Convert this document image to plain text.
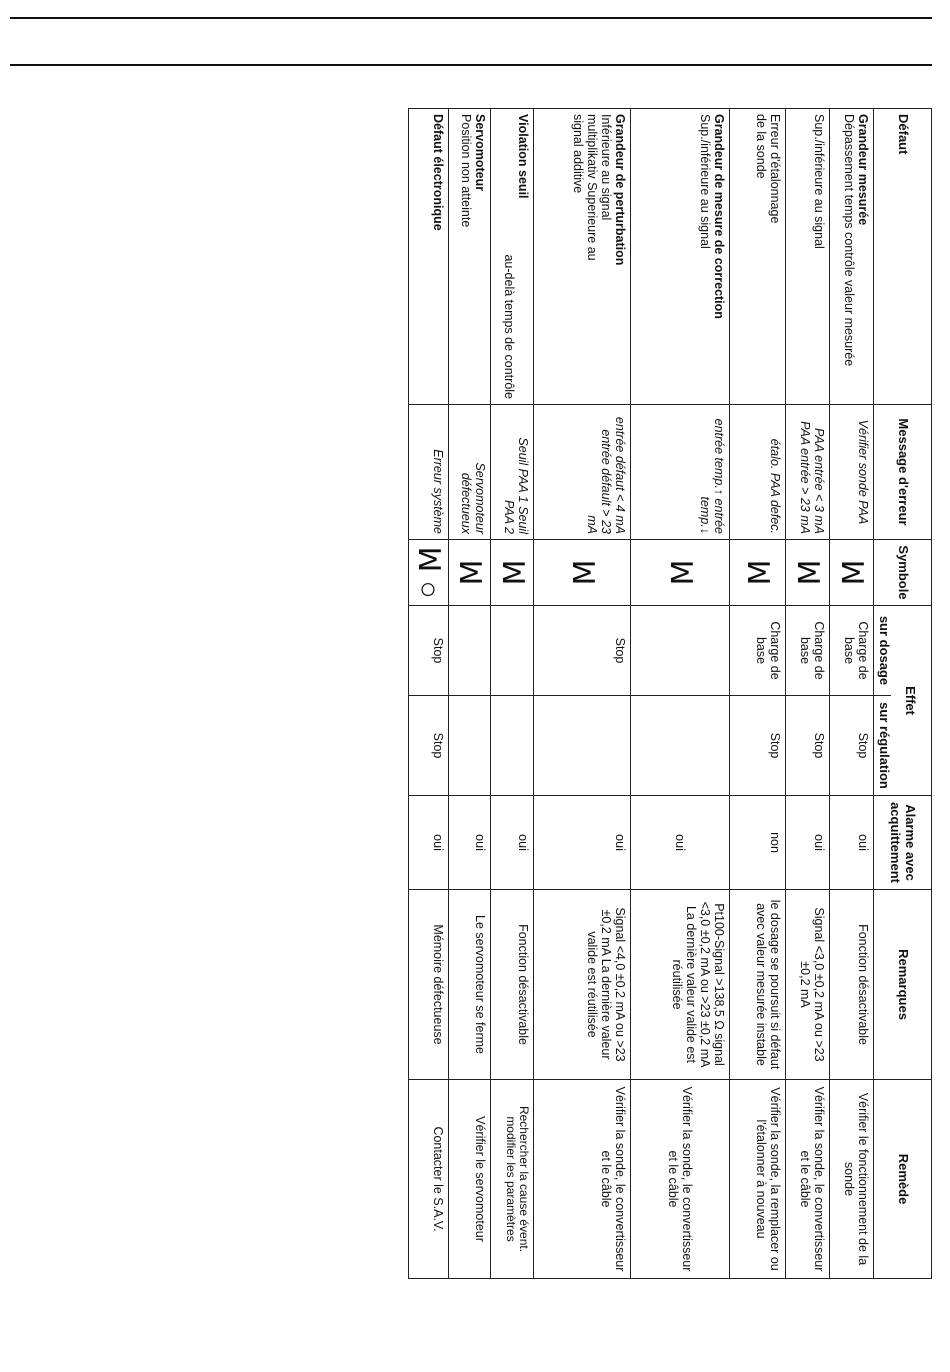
Défaut	Message d'erreur	Symbole	Effet		Alarme avec acquittement	Remarques	Remède
			sur dosage	sur régulation			

Grandeur mesurée
Dépassement temps contrôle valeur mesurée	Vérifier sonde PAA	ꟽ	Charge de base	Stop	oui	Fonction désactivable	Vérifier le fonctionnement de la sonde

Sup./inférieure au signal	PAA entrée < 3 mA PAA entrée > 23 mA	ꟽ	Charge de base	Stop	oui	Signal <3,0 ±0,2 mA ou >23 ±0,2 mA	Vérifier la sonde, le convertisseur et le câble

Erreur d'étalonnage de la sonde	étalo. PAA defec.	ꟽ	Charge de base	Stop	non	le dosage se poursuit si défaut avec valeur mesurée instable	Vérifier la sonde, la remplacer ou l'étalonner à nouveau

Grandeur de mesure de correction
Sup./inférieure au signal	entrée temp.↑ entrée temp.↓	ꟽ			oui	Pt100-Signal >138,5 Ω signal <3,0 ±0,2 mA ou >23 ±0,2 mA La dernière valeur valide est réutilisée	Vérifier la sonde, le convertisseur et le câble

Grandeur de perturbation
Inférieure au signal multiplikativ Superieure au signal additive	entrée défaut < 4 mA entrée défault > 23 mA	ꟽ	Stop		oui	Signal <4,0 ±0,2 mA ou >23 ±0,2 mA La dernière valeur valide est réutilisée	Vérifier la sonde, le convertisseur et le câble

Violation seuil
au-delà temps de contrôle	Seuil PAA 1 Seuil PAA 2	ꟽ			oui	Fonction désactivable	Rechercher la cause évent. modifier les paramètres

Servomoteur
Position non atteinte	Servomoteur défectueux	ꟽ			oui	Le servomoteur se ferme	Vérifier le servomoteur

Défaut électronique	Erreur système	ꟽ ○	Stop	Stop	oui	Mémoire défectueuse	Contacter le S.A.V.
